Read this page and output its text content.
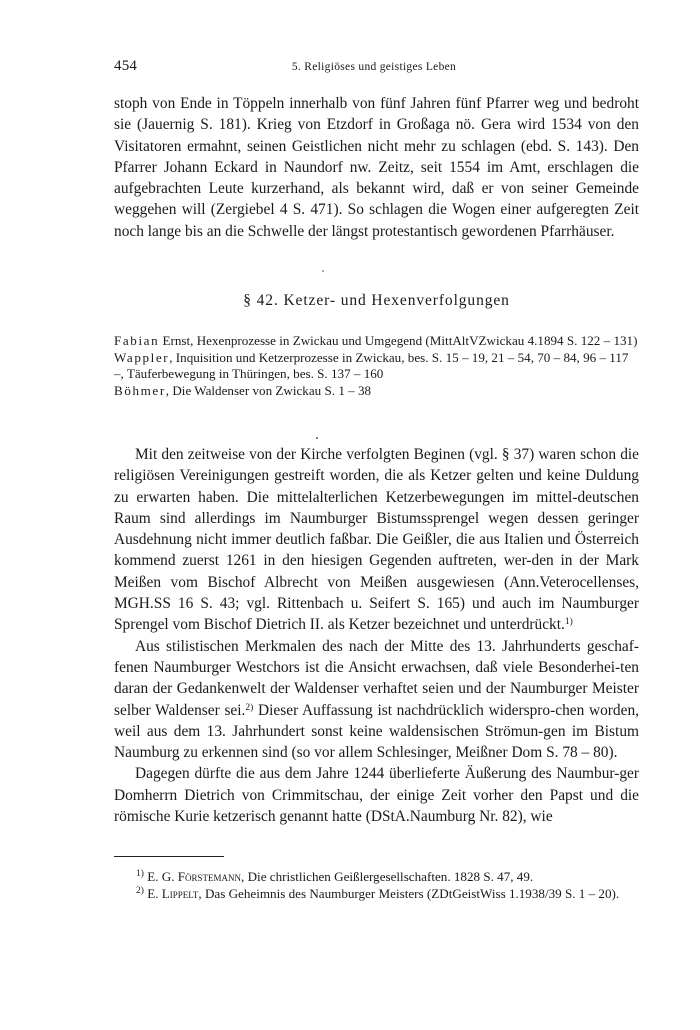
454	5. Religiöses und geistiges Leben

stoph von Ende in Töppeln innerhalb von fünf Jahren fünf Pfarrer weg und bedroht sie (Jauernig S. 181). Krieg von Etzdorf in Großaga nö. Gera wird 1534 von den Visitatoren ermahnt, seinen Geistlichen nicht mehr zu schlagen (ebd. S. 143). Den Pfarrer Johann Eckard in Naundorf nw. Zeitz, seit 1554 im Amt, erschlagen die aufgebrachten Leute kurzerhand, als bekannt wird, daß er von seiner Gemeinde weggehen will (Zergiebel 4 S. 471). So schlagen die Wogen einer aufgeregten Zeit noch lange bis an die Schwelle der längst protestantisch gewordenen Pfarrhäuser.

§ 42. Ketzer- und Hexenverfolgungen
Fabian Ernst, Hexenprozesse in Zwickau und Umgegend (MittAltVZwickau 4.1894 S. 122 – 131)
Wappler, Inquisition und Ketzerprozesse in Zwickau, bes. S. 15 – 19, 21 – 54, 70 – 84, 96 – 117
–, Täuferbewegung in Thüringen, bes. S. 137 – 160
Böhmer, Die Waldenser von Zwickau S. 1 – 38

Mit den zeitweise von der Kirche verfolgten Beginen (vgl. § 37) waren schon die religiösen Vereinigungen gestreift worden, die als Ketzer gelten und keine Duldung zu erwarten haben. Die mittelalterlichen Ketzerbewegungen im mittel-deutschen Raum sind allerdings im Naumburger Bistumssprengel wegen dessen geringer Ausdehnung nicht immer deutlich faßbar. Die Geißler, die aus Italien und Österreich kommend zuerst 1261 in den hiesigen Gegenden auftreten, wer-den in der Mark Meißen vom Bischof Albrecht von Meißen ausgewiesen (Ann.Veterocellenses, MGH.SS 16 S. 43; vgl. Rittenbach u. Seifert S. 165) und auch im Naumburger Sprengel vom Bischof Dietrich II. als Ketzer bezeichnet und unterdrückt.$^{1)}$

Aus stilistischen Merkmalen des nach der Mitte des 13. Jahrhunderts geschaf-fenen Naumburger Westchors ist die Ansicht erwachsen, daß viele Besonderhei-ten daran der Gedankenwelt der Waldenser verhaftet seien und der Naumburger Meister selber Waldenser sei.$^{2)}$ Dieser Auffassung ist nachdrücklich widerspro-chen worden, weil aus dem 13. Jahrhundert sonst keine waldensischen Strömun-gen im Bistum Naumburg zu erkennen sind (so vor allem Schlesinger, Meißner Dom S. 78 – 80).

Dagegen dürfte die aus dem Jahre 1244 überlieferte Äußerung des Naumbur-ger Domherrn Dietrich von Crimmitschau, der einige Zeit vorher den Papst und die römische Kurie ketzerisch genannt hatte (DStA.Naumburg Nr. 82), wie

$^{1)}$ E. G. Förstemann, Die christlichen Geißlergesellschaften. 1828 S. 47, 49.
$^{2)}$ E. Lippelt, Das Geheimnis des Naumburger Meisters (ZDtGeistWiss 1.1938/39 S. 1 – 20).
